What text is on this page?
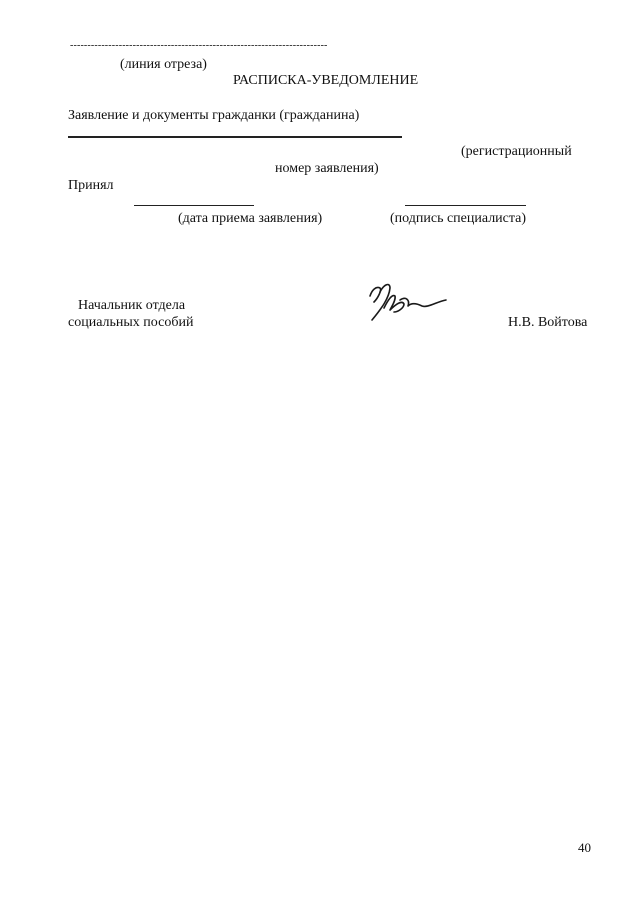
--------------------------------------------------------------------------
(линия отреза)
РАСПИСКА-УВЕДОМЛЕНИЕ
Заявление и документы гражданки (гражданина)
(регистрационный
номер заявления)
Принял
(дата приема заявления)	(подпись специалиста)
Начальник отдела
социальных пособий	Н.В. Войтова
40
